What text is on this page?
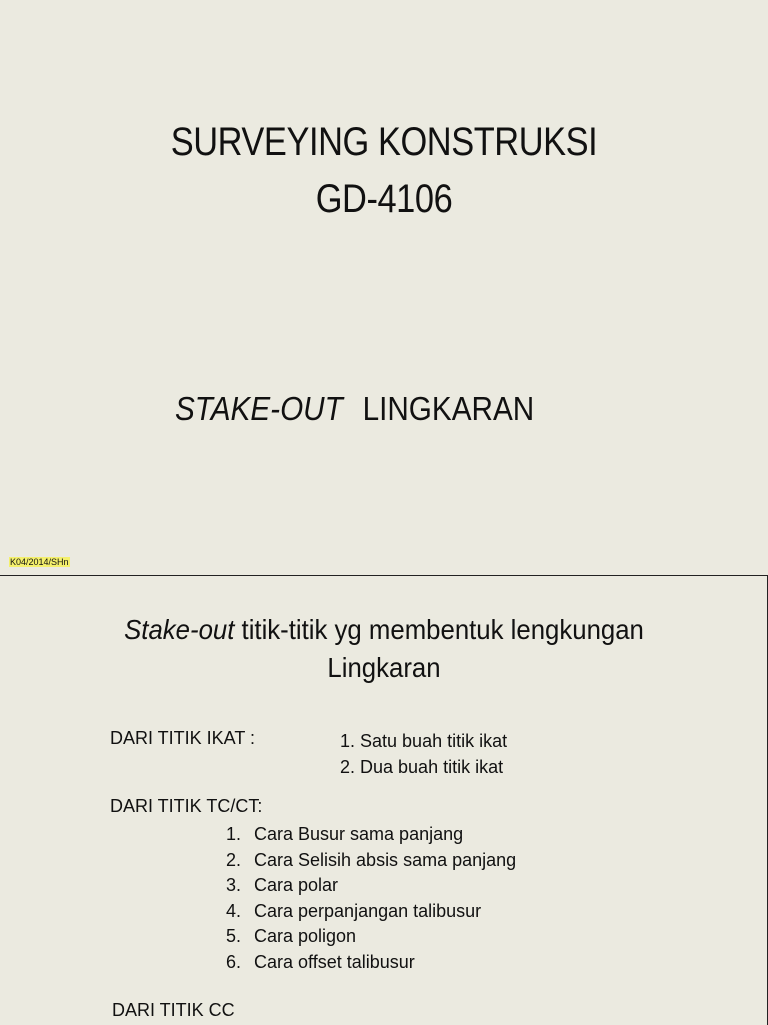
SURVEYING KONSTRUKSI
GD-4106
STAKE-OUT LINGKARAN
K04/2014/SHn
Stake-out titik-titik yg membentuk lengkungan
Lingkaran
DARI TITIK IKAT :	1. Satu buah titik ikat
2. Dua buah titik ikat
DARI TITIK TC/CT:
1. Cara Busur sama panjang
2. Cara Selisih absis sama panjang
3. Cara polar
4. Cara perpanjangan talibusur
5. Cara poligon
6. Cara offset talibusur
DARI TITIK CC
